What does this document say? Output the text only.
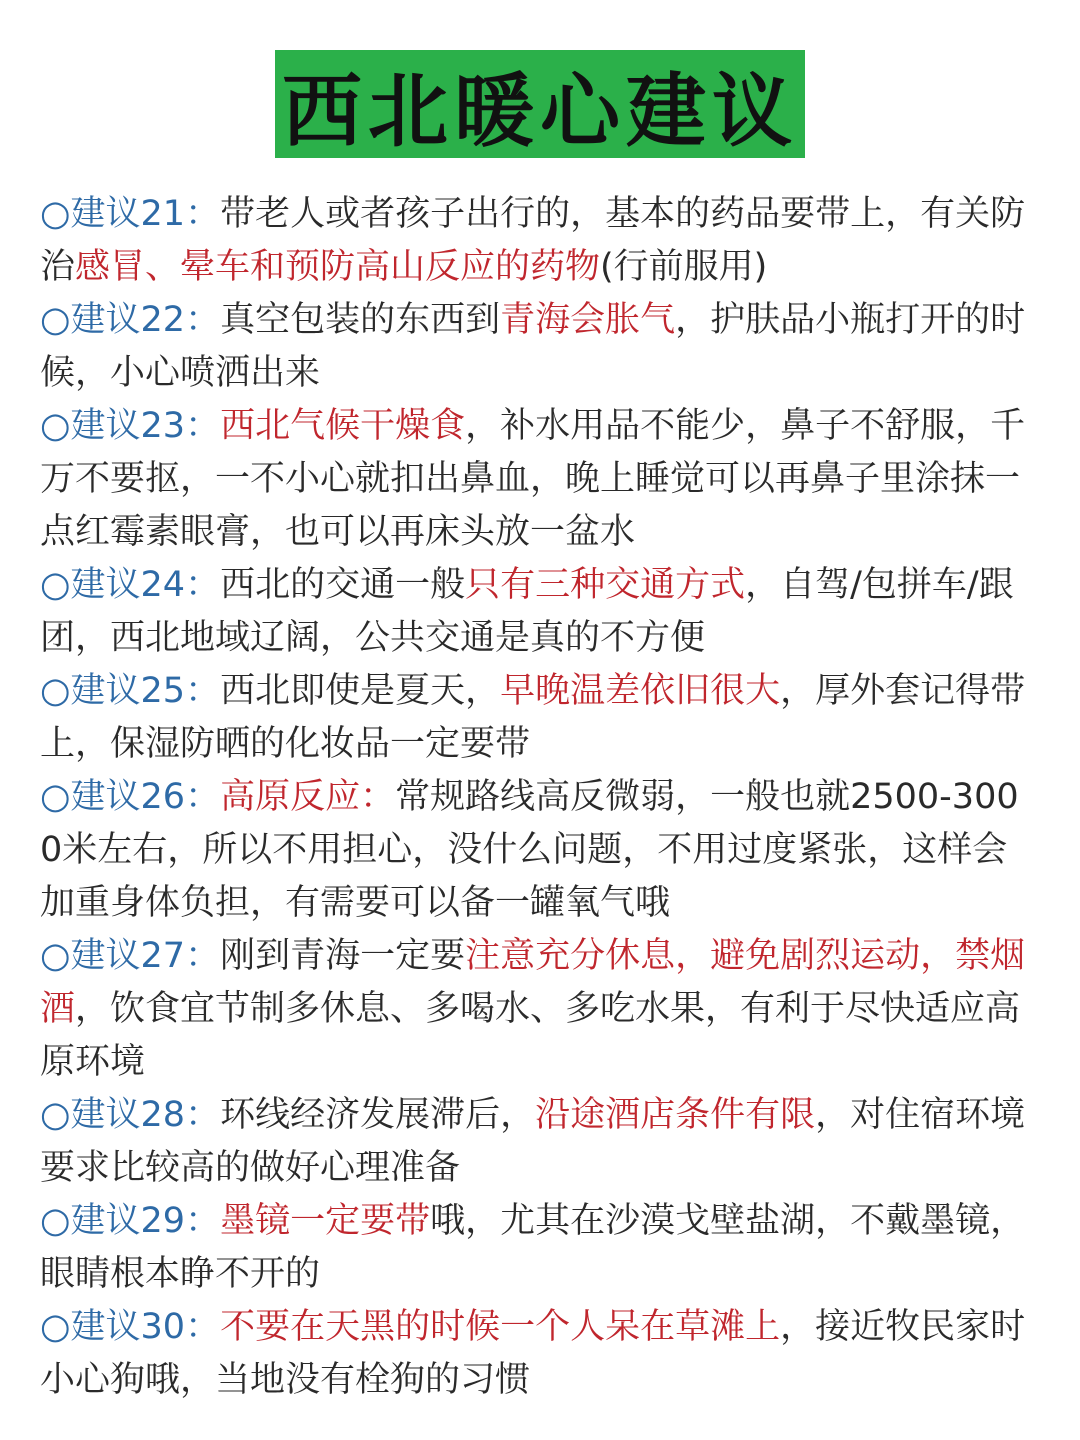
西北暖心建议

○建议21：带老人或者孩子出行的，基本的药品要带上，有关防治感冒、晕车和预防高山反应的药物(行前服用)

○建议22：真空包装的东西到青海会胀气，护肤品小瓶打开的时候，小心喷洒出来

○建议23：西北气候干燥食，补水用品不能少，鼻子不舒服，千万不要抠，一不小心就扣出鼻血，晚上睡觉可以再鼻子里涂抹一点红霉素眼膏，也可以再床头放一盆水

○建议24：西北的交通一般只有三种交通方式，自驾/包拼车/跟团，西北地域辽阔，公共交通是真的不方便

○建议25：西北即使是夏天，早晚温差依旧很大，厚外套记得带上，保湿防晒的化妆品一定要带

○建议26：高原反应：常规路线高反微弱，一般也就2500-3000米左右，所以不用担心，没什么问题，不用过度紧张，这样会加重身体负担，有需要可以备一罐氧气哦

○建议27：刚到青海一定要注意充分休息，避免剧烈运动，禁烟酒，饮食宜节制多休息、多喝水、多吃水果，有利于尽快适应高原环境

○建议28：环线经济发展滞后，沿途酒店条件有限，对住宿环境要求比较高的做好心理准备

○建议29：墨镜一定要带哦，尤其在沙漠戈壁盐湖，不戴墨镜，眼睛根本睁不开的

○建议30：不要在天黑的时候一个人呆在草滩上，接近牧民家时小心狗哦，当地没有栓狗的习惯
